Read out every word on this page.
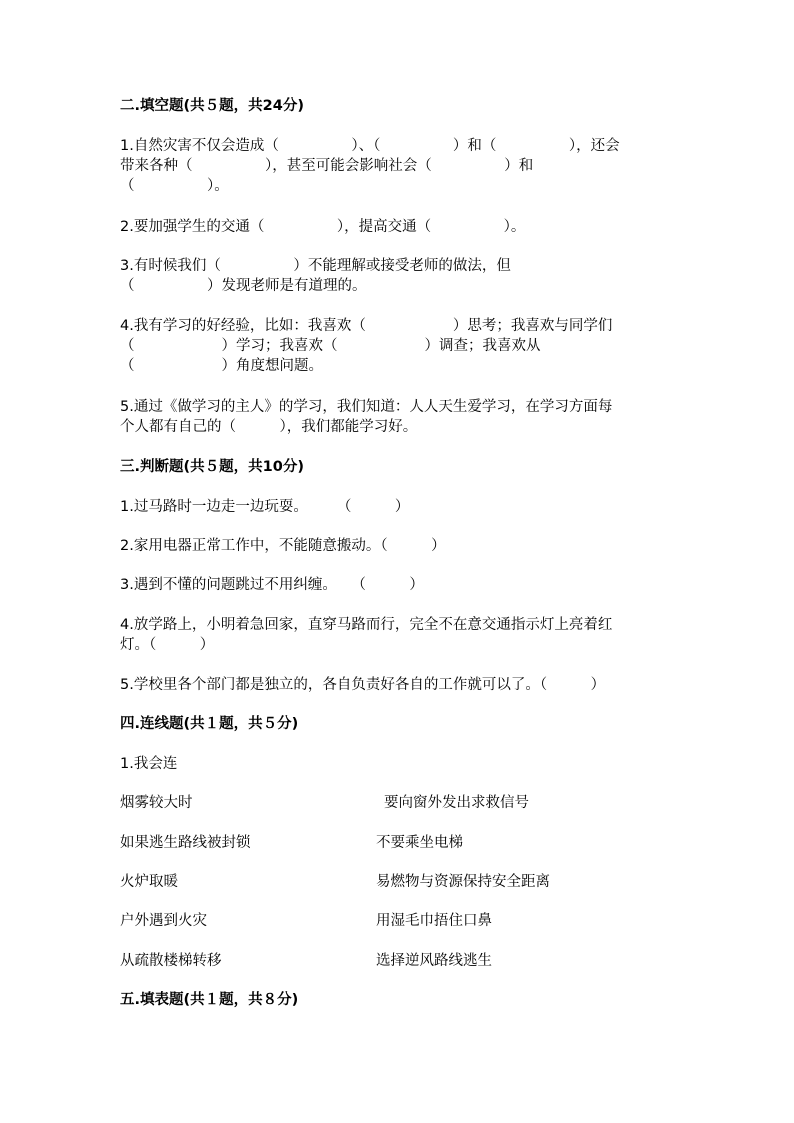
二.填空题(共５题，共24分)
1.自然灾害不仅会造成（　　　　　）、（　　　　　）和（　　　　　），还会
带来各种（　　　　　），甚至可能会影响社会（　　　　　）和
（　　　　　）。
2.要加强学生的交通（　　　　　），提高交通（　　　　　）。
3.有时候我们（　　　　　）不能理解或接受老师的做法，但
（　　　　　）发现老师是有道理的。
4.我有学习的好经验，比如：我喜欢（　　　　　　）思考；我喜欢与同学们
（　　　　　　）学习；我喜欢（　　　　　　）调查；我喜欢从
（　　　　　　）角度想问题。
5.通过《做学习的主人》的学习，我们知道：人人天生爱学习，在学习方面每
个人都有自己的（　　　），我们都能学习好。
三.判断题(共５题，共10分)
1.过马路时一边走一边玩耍。　　　（　　　）
2.家用电器正常工作中，不能随意搬动。（　　　）
3.遇到不懂的问题跳过不用纠缠。　　（　　　）
4.放学路上，小明着急回家，直穿马路而行，完全不在意交通指示灯上亮着红
灯。（　　　）
5.学校里各个部门都是独立的，各自负责好各自的工作就可以了。（　　　）
四.连线题(共１题，共５分)
1.我会连
烟雾较大时	要向窗外发出求救信号
如果逃生路线被封锁	不要乘坐电梯
火炉取暖	易燃物与资源保持安全距离
户外遇到火灾	用湿毛巾捂住口鼻
从疏散楼梯转移	选择逆风路线逃生
五.填表题(共１题，共８分)
